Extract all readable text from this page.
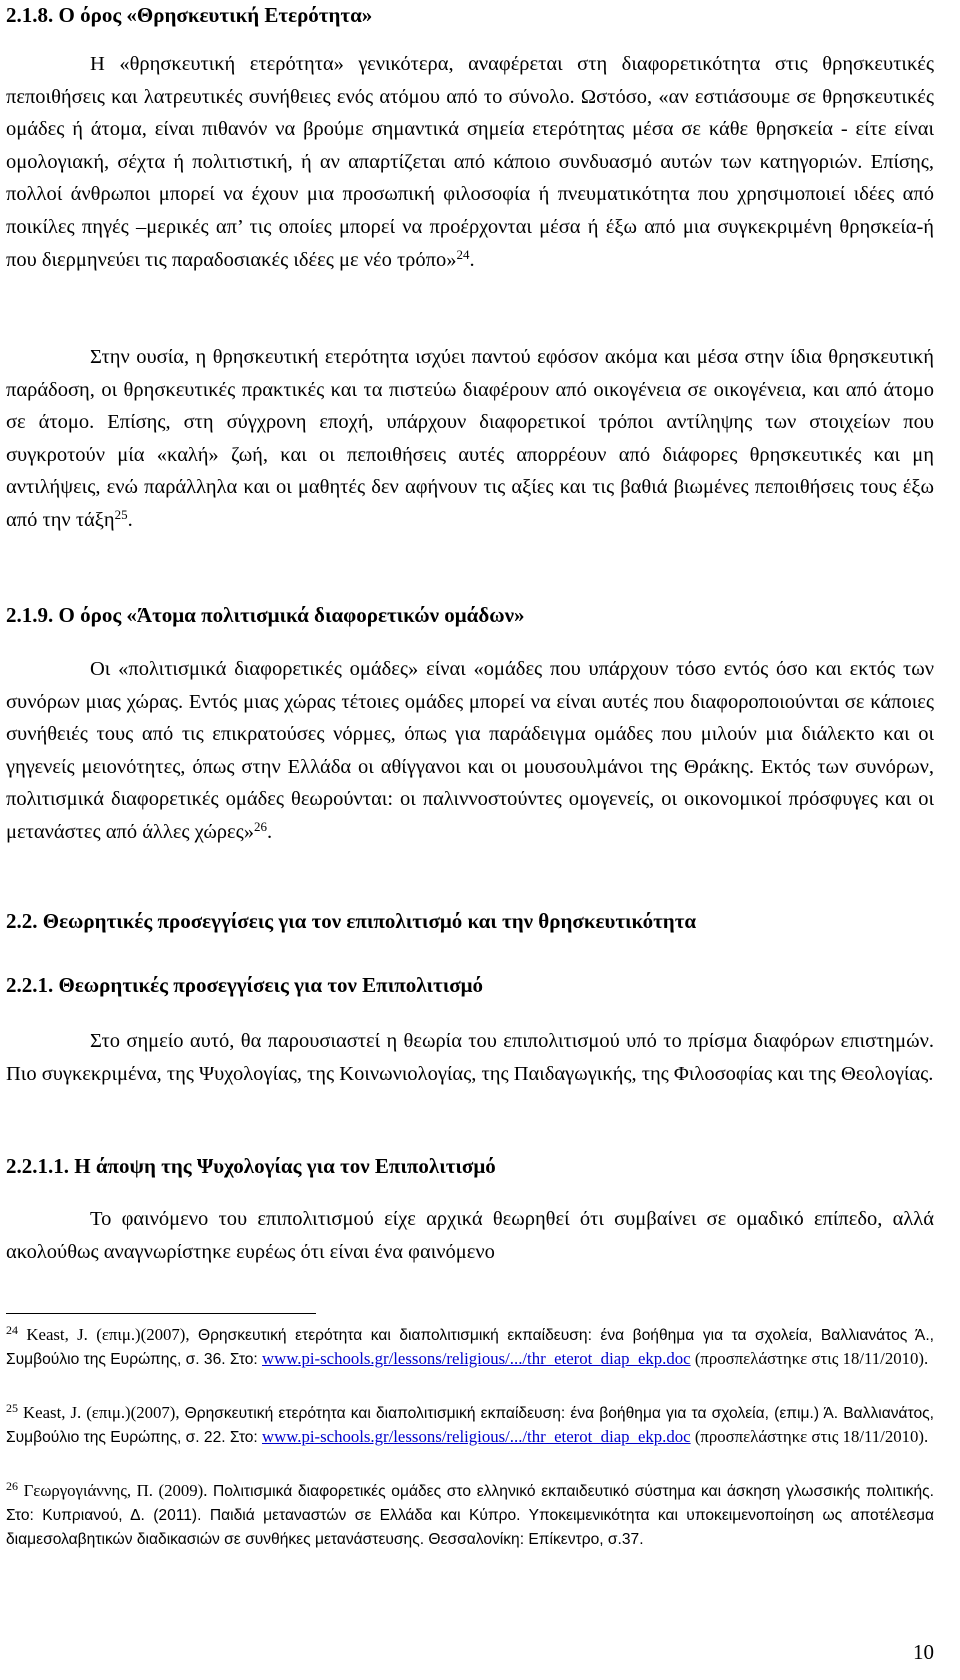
2.1.8. Ο όρος «Θρησκευτική Ετερότητα»

Η «θρησκευτική ετερότητα» γενικότερα, αναφέρεται στη διαφορετικότητα στις θρησκευτικές πεποιθήσεις και λατρευτικές συνήθειες ενός ατόμου από το σύνολο. Ωστόσο, «αν εστιάσουμε σε θρησκευτικές ομάδες ή άτομα, είναι πιθανόν να βρούμε σημαντικά σημεία ετερότητας μέσα σε κάθε θρησκεία - είτε είναι ομολογιακή, σέχτα ή πολιτιστική, ή αν απαρτίζεται από κάποιο συνδυασμό αυτών των κατηγοριών. Επίσης, πολλοί άνθρωποι μπορεί να έχουν μια προσωπική φιλοσοφία ή πνευματικότητα που χρησιμοποιεί ιδέες από ποικίλες πηγές –μερικές απ’ τις οποίες μπορεί να προέρχονται μέσα ή έξω από μια συγκεκριμένη θρησκεία-ή που διερμηνεύει τις παραδοσιακές ιδέες με νέο τρόπο»$^{24}$.

Στην ουσία, η θρησκευτική ετερότητα ισχύει παντού εφόσον ακόμα και μέσα στην ίδια θρησκευτική παράδοση, οι θρησκευτικές πρακτικές και τα πιστεύω διαφέρουν από οικογένεια σε οικογένεια, και από άτομο σε άτομο. Επίσης, στη σύγχρονη εποχή, υπάρχουν διαφορετικοί τρόποι αντίληψης των στοιχείων που συγκροτούν μία «καλή» ζωή, και οι πεποιθήσεις αυτές απορρέουν από διάφορες θρησκευτικές και μη αντιλήψεις, ενώ παράλληλα και οι μαθητές δεν αφήνουν τις αξίες και τις βαθιά βιωμένες πεποιθήσεις τους έξω από την τάξη$^{25}$.

2.1.9. Ο όρος «Άτομα πολιτισμικά διαφορετικών ομάδων»

Οι «πολιτισμικά διαφορετικές ομάδες» είναι «ομάδες που υπάρχουν τόσο εντός όσο και εκτός των συνόρων μιας χώρας. Εντός μιας χώρας τέτοιες ομάδες μπορεί να είναι αυτές που διαφοροποιούνται σε κάποιες συνήθειές τους από τις επικρατούσες νόρμες, όπως για παράδειγμα ομάδες που μιλούν μια διάλεκτο και οι γηγενείς μειονότητες, όπως στην Ελλάδα οι αθίγγανοι και οι μουσουλμάνοι της Θράκης. Εκτός των συνόρων, πολιτισμικά διαφορετικές ομάδες θεωρούνται: οι παλιννοστούντες ομογενείς, οι οικονομικοί πρόσφυγες και οι μετανάστες από άλλες χώρες»$^{26}$.

2.2. Θεωρητικές προσεγγίσεις για τον επιπολιτισμό και την θρησκευτικότητα
2.2.1. Θεωρητικές προσεγγίσεις για τον Επιπολιτισμό

Στο σημείο αυτό, θα παρουσιαστεί η θεωρία του επιπολιτισμού υπό το πρίσμα διαφόρων επιστημών. Πιο συγκεκριμένα, της Ψυχολογίας, της Κοινωνιολογίας, της Παιδαγωγικής, της Φιλοσοφίας και της Θεολογίας.

2.2.1.1. Η άποψη της Ψυχολογίας για τον Επιπολιτισμό

Το φαινόμενο του επιπολιτισμού είχε αρχικά θεωρηθεί ότι συμβαίνει σε ομαδικό επίπεδο, αλλά ακολούθως αναγνωρίστηκε ευρέως ότι είναι ένα φαινόμενο

$^{24}$ Keast, J. (επιμ.)(2007), Θρησκευτική ετερότητα και διαπολιτισμική εκπαίδευση: ένα βοήθημα για τα σχολεία, Βαλλιανάτος Ά., Συμβούλιο της Ευρώπης, σ. 36. Στο: www.pi-schools.gr/lessons/religious/.../thr_eterot_diap_ekp.doc (προσπελάστηκε στις 18/11/2010).

$^{25}$ Keast, J. (επιμ.)(2007), Θρησκευτική ετερότητα και διαπολιτισμική εκπαίδευση: ένα βοήθημα για τα σχολεία, (επιμ.) Ά. Βαλλιανάτος, Συμβούλιο της Ευρώπης, σ. 22. Στο: www.pi-schools.gr/lessons/religious/.../thr_eterot_diap_ekp.doc (προσπελάστηκε στις 18/11/2010).

$^{26}$ Γεωργογιάννης, Π. (2009). Πολιτισμικά διαφορετικές ομάδες στο ελληνικό εκπαιδευτικό σύστημα και άσκηση γλωσσικής πολιτικής. Στο: Κυπριανού, Δ. (2011). Παιδιά μεταναστών σε Ελλάδα και Κύπρο. Υποκειμενικότητα και υποκειμενοποίηση ως αποτέλεσμα διαμεσολαβητικών διαδικασιών σε συνθήκες μετανάστευσης. Θεσσαλονίκη: Επίκεντρο, σ.37.

10
